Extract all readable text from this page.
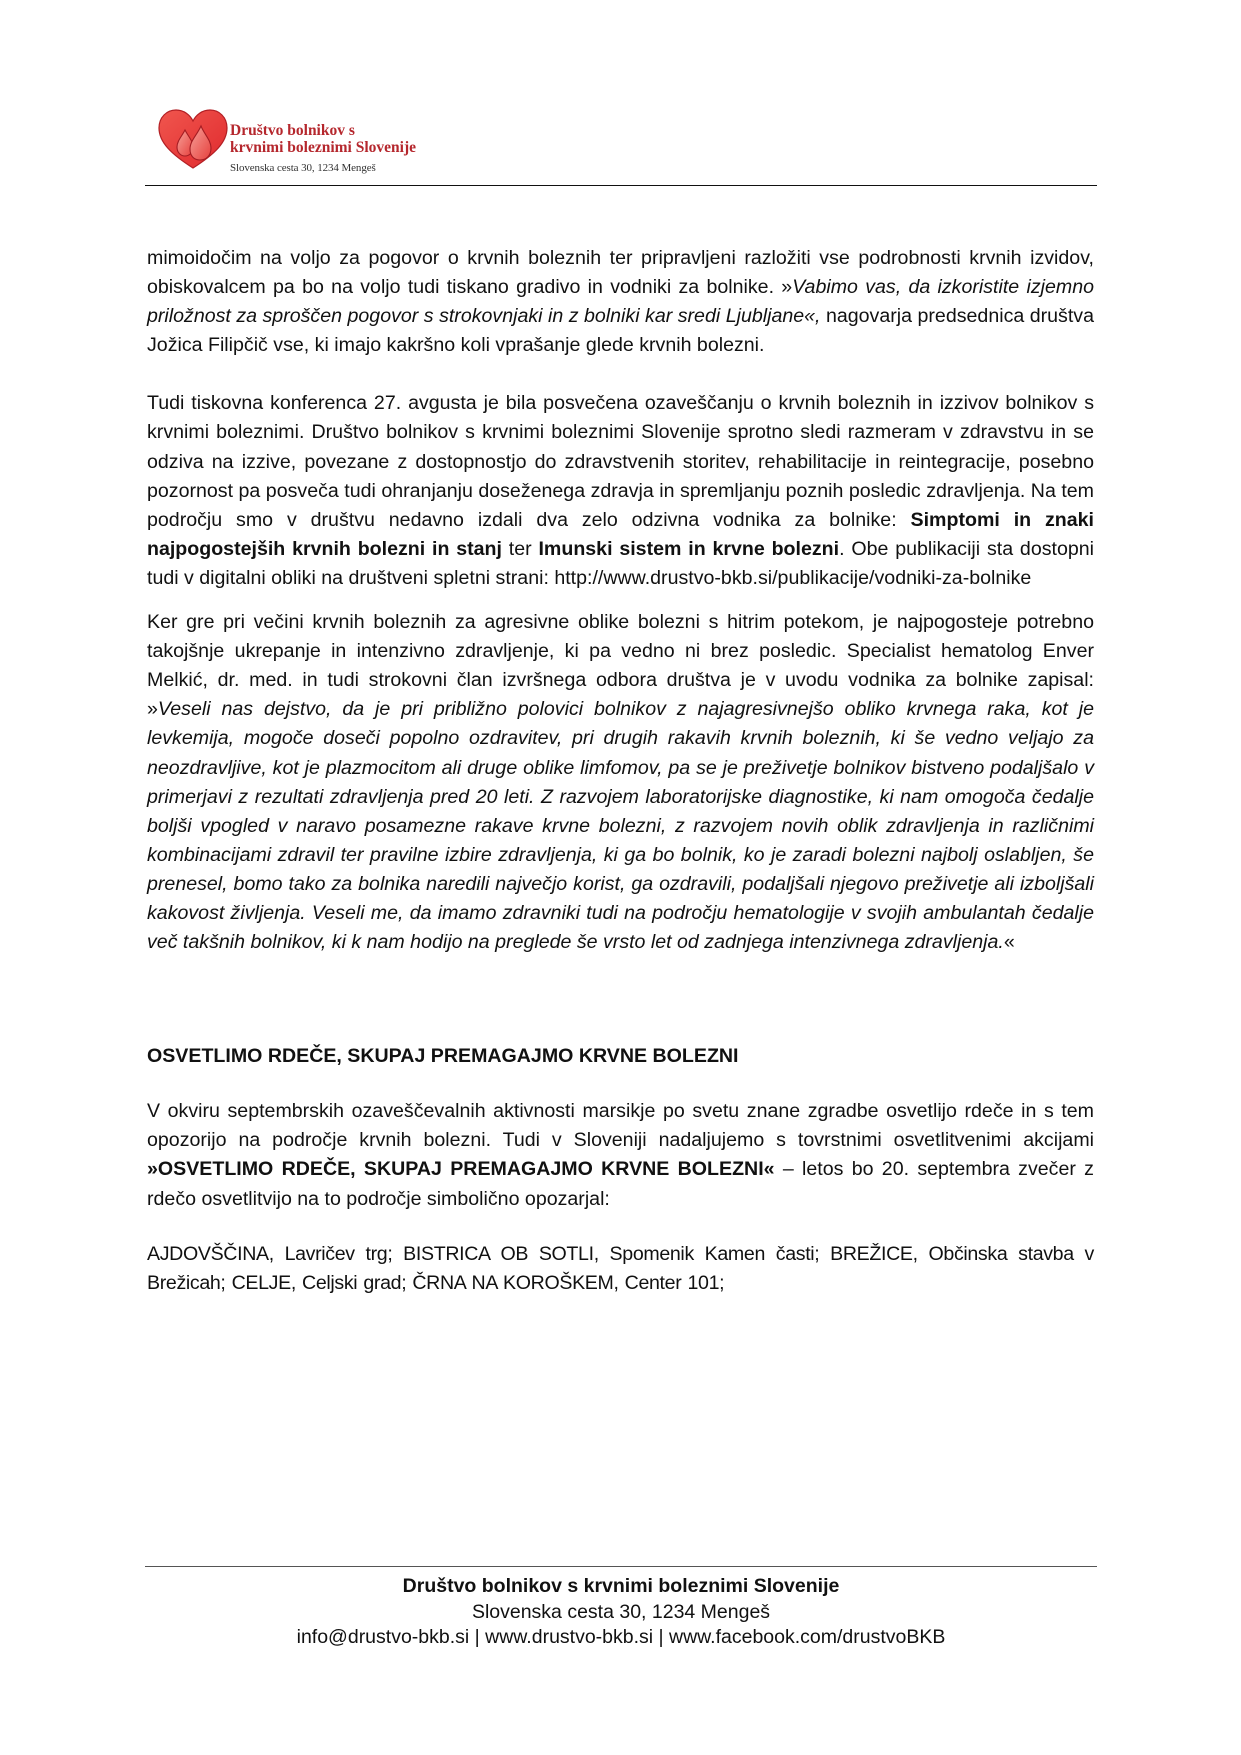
Društvo bolnikov s
krvnimi boleznimi Slovenije
Slovenska cesta 30, 1234 Mengeš

mimoidočim na voljo za pogovor o krvnih boleznih ter pripravljeni razložiti vse podrobnosti krvnih izvidov, obiskovalcem pa bo na voljo tudi tiskano gradivo in vodniki za bolnike. »Vabimo vas, da izkoristite izjemno priložnost za sproščen pogovor s strokovnjaki in z bolniki kar sredi Ljubljane«, nagovarja predsednica društva Jožica Filipčič vse, ki imajo kakršno koli vprašanje glede krvnih bolezni.

Tudi tiskovna konferenca 27. avgusta je bila posvečena ozaveščanju o krvnih boleznih in izzivov bolnikov s krvnimi boleznimi. Društvo bolnikov s krvnimi boleznimi Slovenije sprotno sledi razmeram v zdravstvu in se odziva na izzive, povezane z dostopnostjo do zdravstvenih storitev, rehabilitacije in reintegracije, posebno pozornost pa posveča tudi ohranjanju doseženega zdravja in spremljanju poznih posledic zdravljenja. Na tem področju smo v društvu nedavno izdali dva zelo odzivna vodnika za bolnike: Simptomi in znaki najpogostejših krvnih bolezni in stanj ter Imunski sistem in krvne bolezni. Obe publikaciji sta dostopni tudi v digitalni obliki na društveni spletni strani: http://www.drustvo-bkb.si/publikacije/vodniki-za-bolnike

Ker gre pri večini krvnih boleznih za agresivne oblike bolezni s hitrim potekom, je najpogosteje potrebno takojšnje ukrepanje in intenzivno zdravljenje, ki pa vedno ni brez posledic. Specialist hematolog Enver Melkić, dr. med. in tudi strokovni član izvršnega odbora društva je v uvodu vodnika za bolnike zapisal: »Veseli nas dejstvo, da je pri približno polovici bolnikov z najagresivnejšo obliko krvnega raka, kot je levkemija, mogoče doseči popolno ozdravitev, pri drugih rakavih krvnih boleznih, ki še vedno veljajo za neozdravljive, kot je plazmocitom ali druge oblike limfomov, pa se je preživetje bolnikov bistveno podaljšalo v primerjavi z rezultati zdravljenja pred 20 leti. Z razvojem laboratorijske diagnostike, ki nam omogoča čedalje boljši vpogled v naravo posamezne rakave krvne bolezni, z razvojem novih oblik zdravljenja in različnimi kombinacijami zdravil ter pravilne izbire zdravljenja, ki ga bo bolnik, ko je zaradi bolezni najbolj oslabljen, še prenesel, bomo tako za bolnika naredili največjo korist, ga ozdravili, podaljšali njegovo preživetje ali izboljšali kakovost življenja. Veseli me, da imamo zdravniki tudi na področju hematologije v svojih ambulantah čedalje več takšnih bolnikov, ki k nam hodijo na preglede še vrsto let od zadnjega intenzivnega zdravljenja.«

OSVETLIMO RDEČE, SKUPAJ PREMAGAJMO KRVNE BOLEZNI

V okviru septembrskih ozaveščevalnih aktivnosti marsikje po svetu znane zgradbe osvetlijo rdeče in s tem opozorijo na področje krvnih bolezni. Tudi v Sloveniji nadaljujemo s tovrstnimi osvetlitvenimi akcijami »OSVETLIMO RDEČE, SKUPAJ PREMAGAJMO KRVNE BOLEZNI« – letos bo 20. septembra zvečer z rdečo osvetlitvijo na to področje simbolično opozarjal:

AJDOVŠČINA, Lavričev trg; BISTRICA OB SOTLI, Spomenik Kamen časti; BREŽICE, Občinska stavba v Brežicah; CELJE, Celjski grad; ČRNA NA KOROŠKEM, Center 101;

Društvo bolnikov s krvnimi boleznimi Slovenije
Slovenska cesta 30, 1234 Mengeš
info@drustvo-bkb.si | www.drustvo-bkb.si | www.facebook.com/drustvoBKB
